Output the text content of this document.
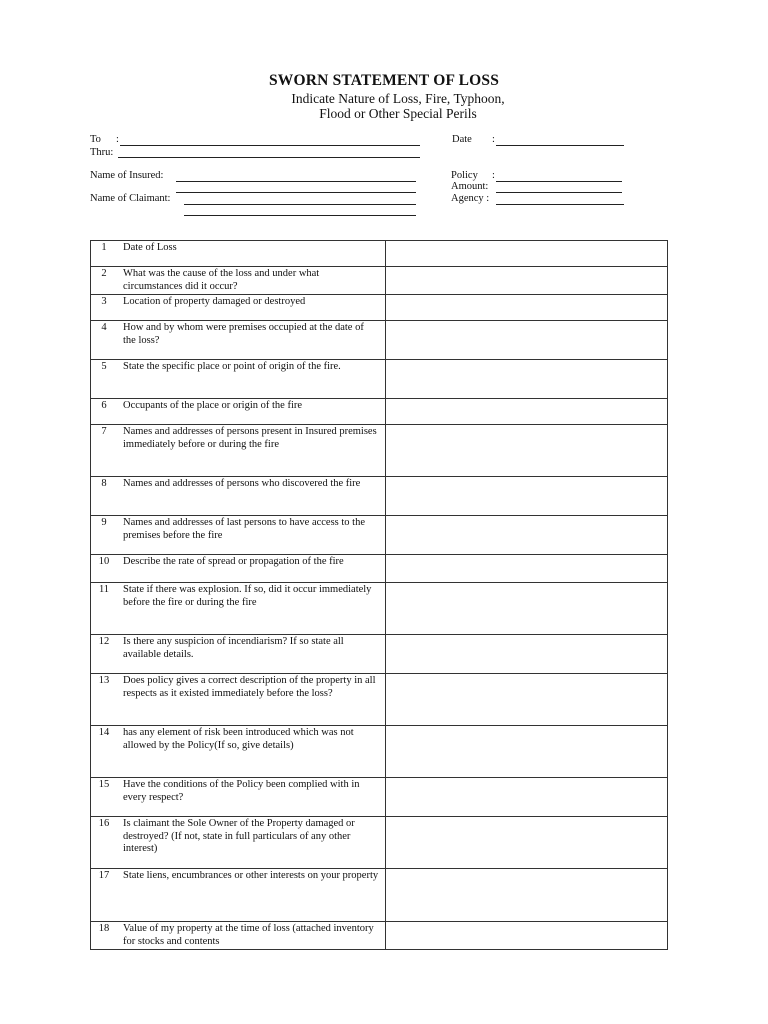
SWORN STATEMENT OF LOSS
Indicate Nature of Loss, Fire, Typhoon,
Flood or Other Special Perils
To :
Thru:
Name of Insured:
Name of Claimant:
Date :
Policy :
Amount:
Agency :
1	Date of Loss	
2	What was the cause of the loss and under what circumstances did it occur?	
3	Location of property damaged or destroyed	
4	How and by whom were premises occupied at the date of the loss?	
5	State the specific place or point of origin of the fire.	
6	Occupants of the place or origin of the fire	
7	Names and addresses of persons present in Insured premises immediately before or during the fire	
8	Names and addresses of persons who discovered the fire	
9	Names and addresses of last persons to have access to the premises before the fire	
10	Describe the rate of spread or propagation of the fire	
11	State if there was explosion. If so, did it occur immediately before the fire or during the fire	
12	Is there any suspicion of incendiarism? If so state all available details.	
13	Does policy gives a correct description of the property in all respects as it existed immediately before the loss?	
14	has any element of risk been introduced which was not allowed by the Policy(If so, give details)	
15	Have the conditions of the Policy been complied with in every respect?	
16	Is claimant the Sole Owner of the Property damaged or destroyed? (If not, state in full particulars of any other interest)	
17	State liens, encumbrances or other interests on your property	
18	Value of my property at the time of loss (attached inventory for stocks and contents	
